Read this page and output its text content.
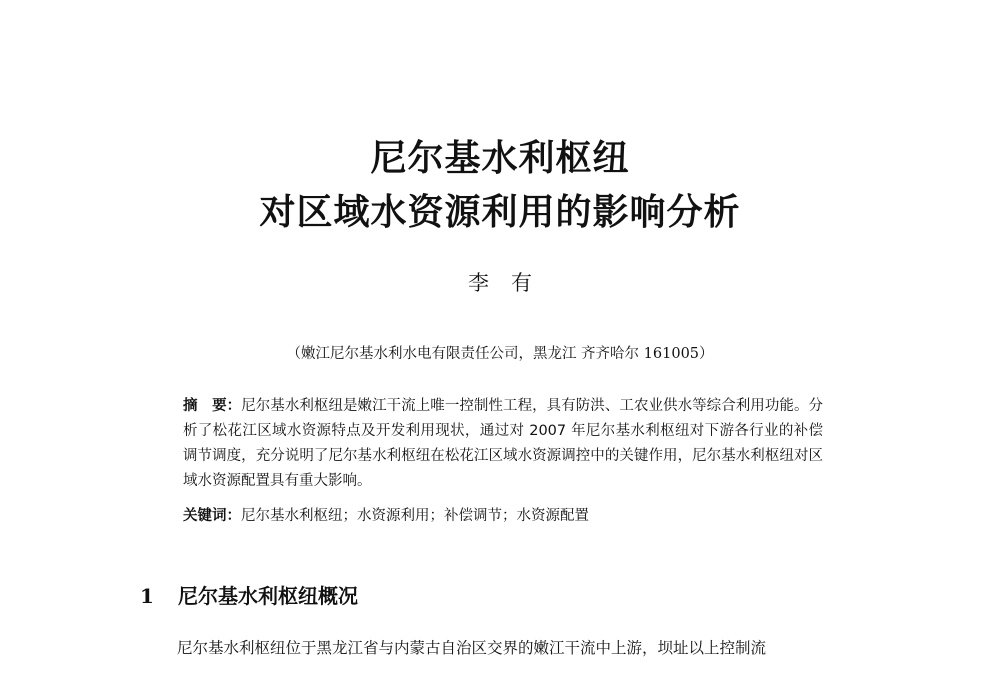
尼尔基水利枢纽
对区域水资源利用的影响分析
李有
（嫩江尼尔基水利水电有限责任公司，黑龙江 齐齐哈尔 161005）
摘　要：尼尔基水利枢纽是嫩江干流上唯一控制性工程，具有防洪、工农业供水等综合利用功能。分析了松花江区域水资源特点及开发利用现状，通过对 2007 年尼尔基水利枢纽对下游各行业的补偿调节调度，充分说明了尼尔基水利枢纽在松花江区域水资源调控中的关键作用，尼尔基水利枢纽对区域水资源配置具有重大影响。
关键词：尼尔基水利枢纽；水资源利用；补偿调节；水资源配置
1 尼尔基水利枢纽概况
尼尔基水利枢纽位于黑龙江省与内蒙古自治区交界的嫩江干流中上游，坝址以上控制流
